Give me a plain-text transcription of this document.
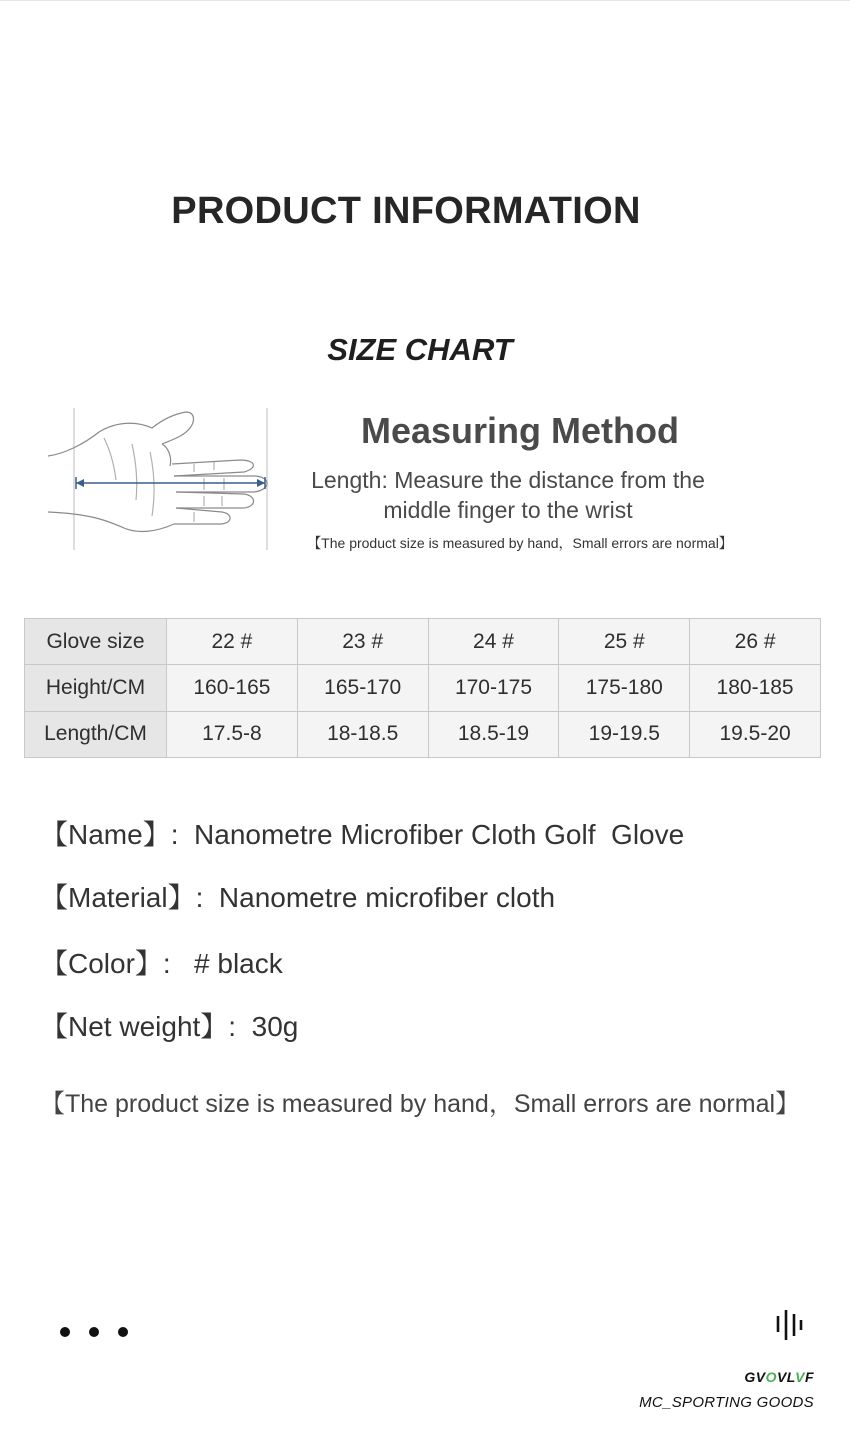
PRODUCT INFORMATION
SIZE CHART
Measuring Method
Length: Measure the distance from the
middle finger to the wrist
【The product size is measured by hand，Small errors are normal】
Glove size	22 #	23 #	24 #	25 #	26 #
Height/CM	160-165	165-170	170-175	175-180	180-185
Length/CM	17.5-8	18-18.5	18.5-19	19-19.5	19.5-20
【Name】:  Nanometre Microfiber Cloth Golf  Glove
【Material】:  Nanometre microfiber cloth
【Color】:   # black
【Net weight】:  30g
【The product size is measured by hand，Small errors are normal】
GVOVLVF
MC_SPORTING GOODS
